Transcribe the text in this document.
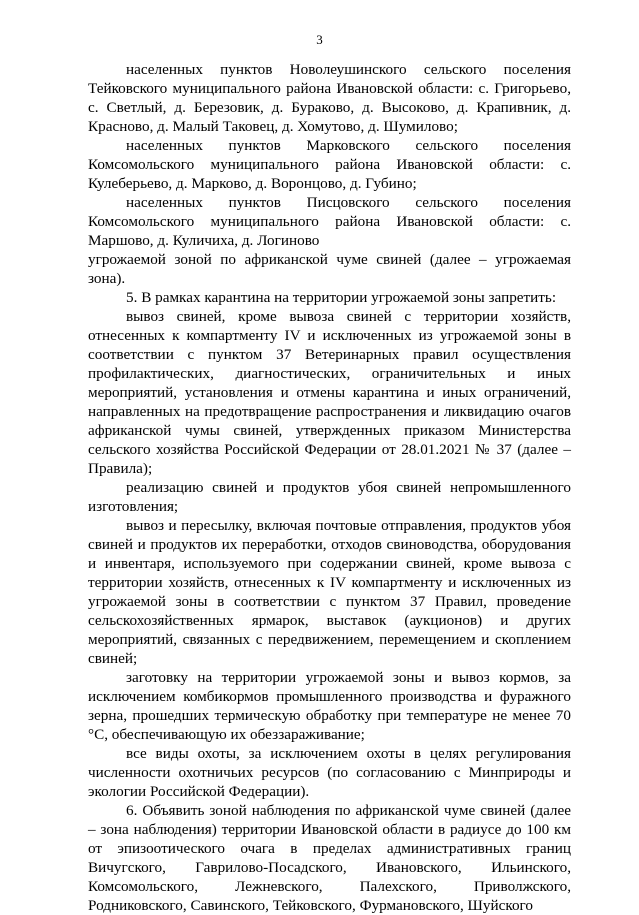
3

населенных пунктов Новолеушинского сельского поселения Тейковского муниципального района Ивановской области: с. Григорьево, с. Светлый, д. Березовик, д. Бураково, д. Высоково, д. Крапивник, д. Красново, д. Малый Таковец, д. Хомутово, д. Шумилово;

населенных пунктов Марковского сельского поселения Комсомольского муниципального района Ивановской области: с. Кулеберьево, д. Марково, д. Воронцово, д. Губино;

населенных пунктов Писцовского сельского поселения Комсомольского муниципального района Ивановской области: с. Маршово, д. Куличиха, д. Логиново

угрожаемой зоной по африканской чуме свиней (далее – угрожаемая зона).

5. В рамках карантина на территории угрожаемой зоны запретить:

вывоз свиней, кроме вывоза свиней с территории хозяйств, отнесенных к компартменту IV и исключенных из угрожаемой зоны в соответствии с пунктом 37 Ветеринарных правил осуществления профилактических, диагностических, ограничительных и иных мероприятий, установления и отмены карантина и иных ограничений, направленных на предотвращение распространения и ликвидацию очагов африканской чумы свиней, утвержденных приказом Министерства сельского хозяйства Российской Федерации от 28.01.2021 № 37 (далее – Правила);

реализацию свиней и продуктов убоя свиней непромышленного изготовления;

вывоз и пересылку, включая почтовые отправления, продуктов убоя свиней и продуктов их переработки, отходов свиноводства, оборудования и инвентаря, используемого при содержании свиней, кроме вывоза с территории хозяйств, отнесенных к IV компартменту и исключенных из угрожаемой зоны в соответствии с пунктом 37 Правил, проведение сельскохозяйственных ярмарок, выставок (аукционов) и других мероприятий, связанных с передвижением, перемещением и скоплением свиней;

заготовку на территории угрожаемой зоны и вывоз кормов, за исключением комбикормов промышленного производства и фуражного зерна, прошедших термическую обработку при температуре не менее 70 °С, обеспечивающую их обеззараживание;

все виды охоты, за исключением охоты в целях регулирования численности охотничьих ресурсов (по согласованию с Минприроды и экологии Российской Федерации).

6. Объявить зоной наблюдения по африканской чуме свиней (далее – зона наблюдения) территории Ивановской области в радиусе до 100 км от эпизоотического очага в пределах административных границ Вичугского, Гаврилово-Посадского, Ивановского, Ильинского, Комсомольского, Лежневского, Палехского, Приволжского, Родниковского, Савинского, Тейковского, Фурмановского, Шуйского
